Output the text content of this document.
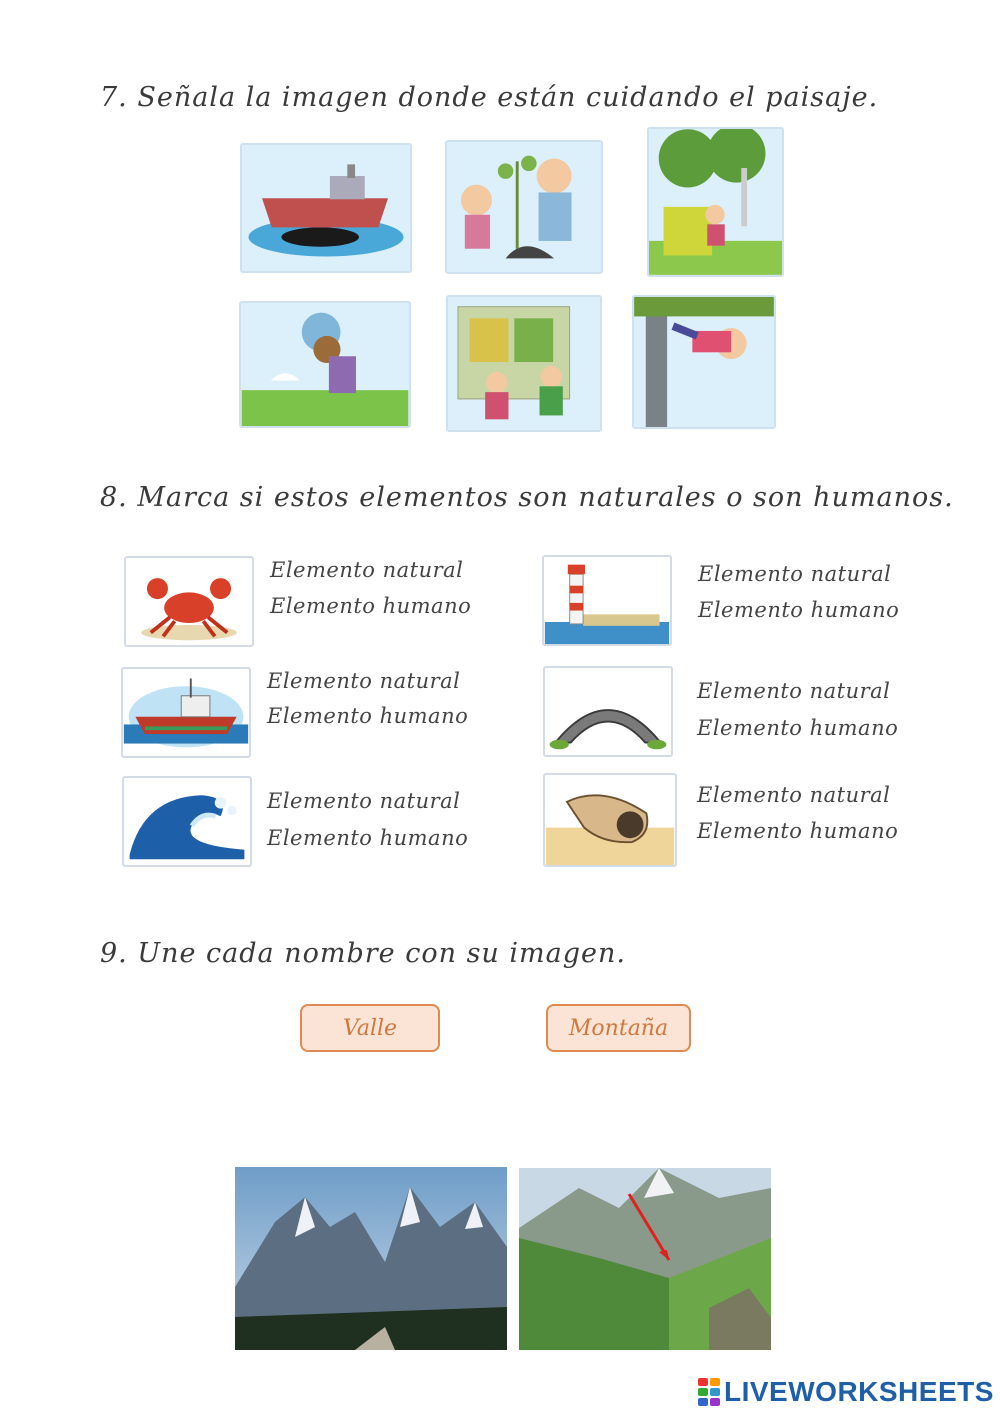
7. Señala la imagen donde están cuidando el paisaje.
8. Marca si estos elementos son naturales o son humanos.
Elemento natural
Elemento humano
Elemento natural
Elemento humano
Elemento natural
Elemento humano
Elemento natural
Elemento humano
Elemento natural
Elemento humano
Elemento natural
Elemento humano
9. Une cada nombre con su imagen.
Valle	Montaña
LIVEWORKSHEETS
